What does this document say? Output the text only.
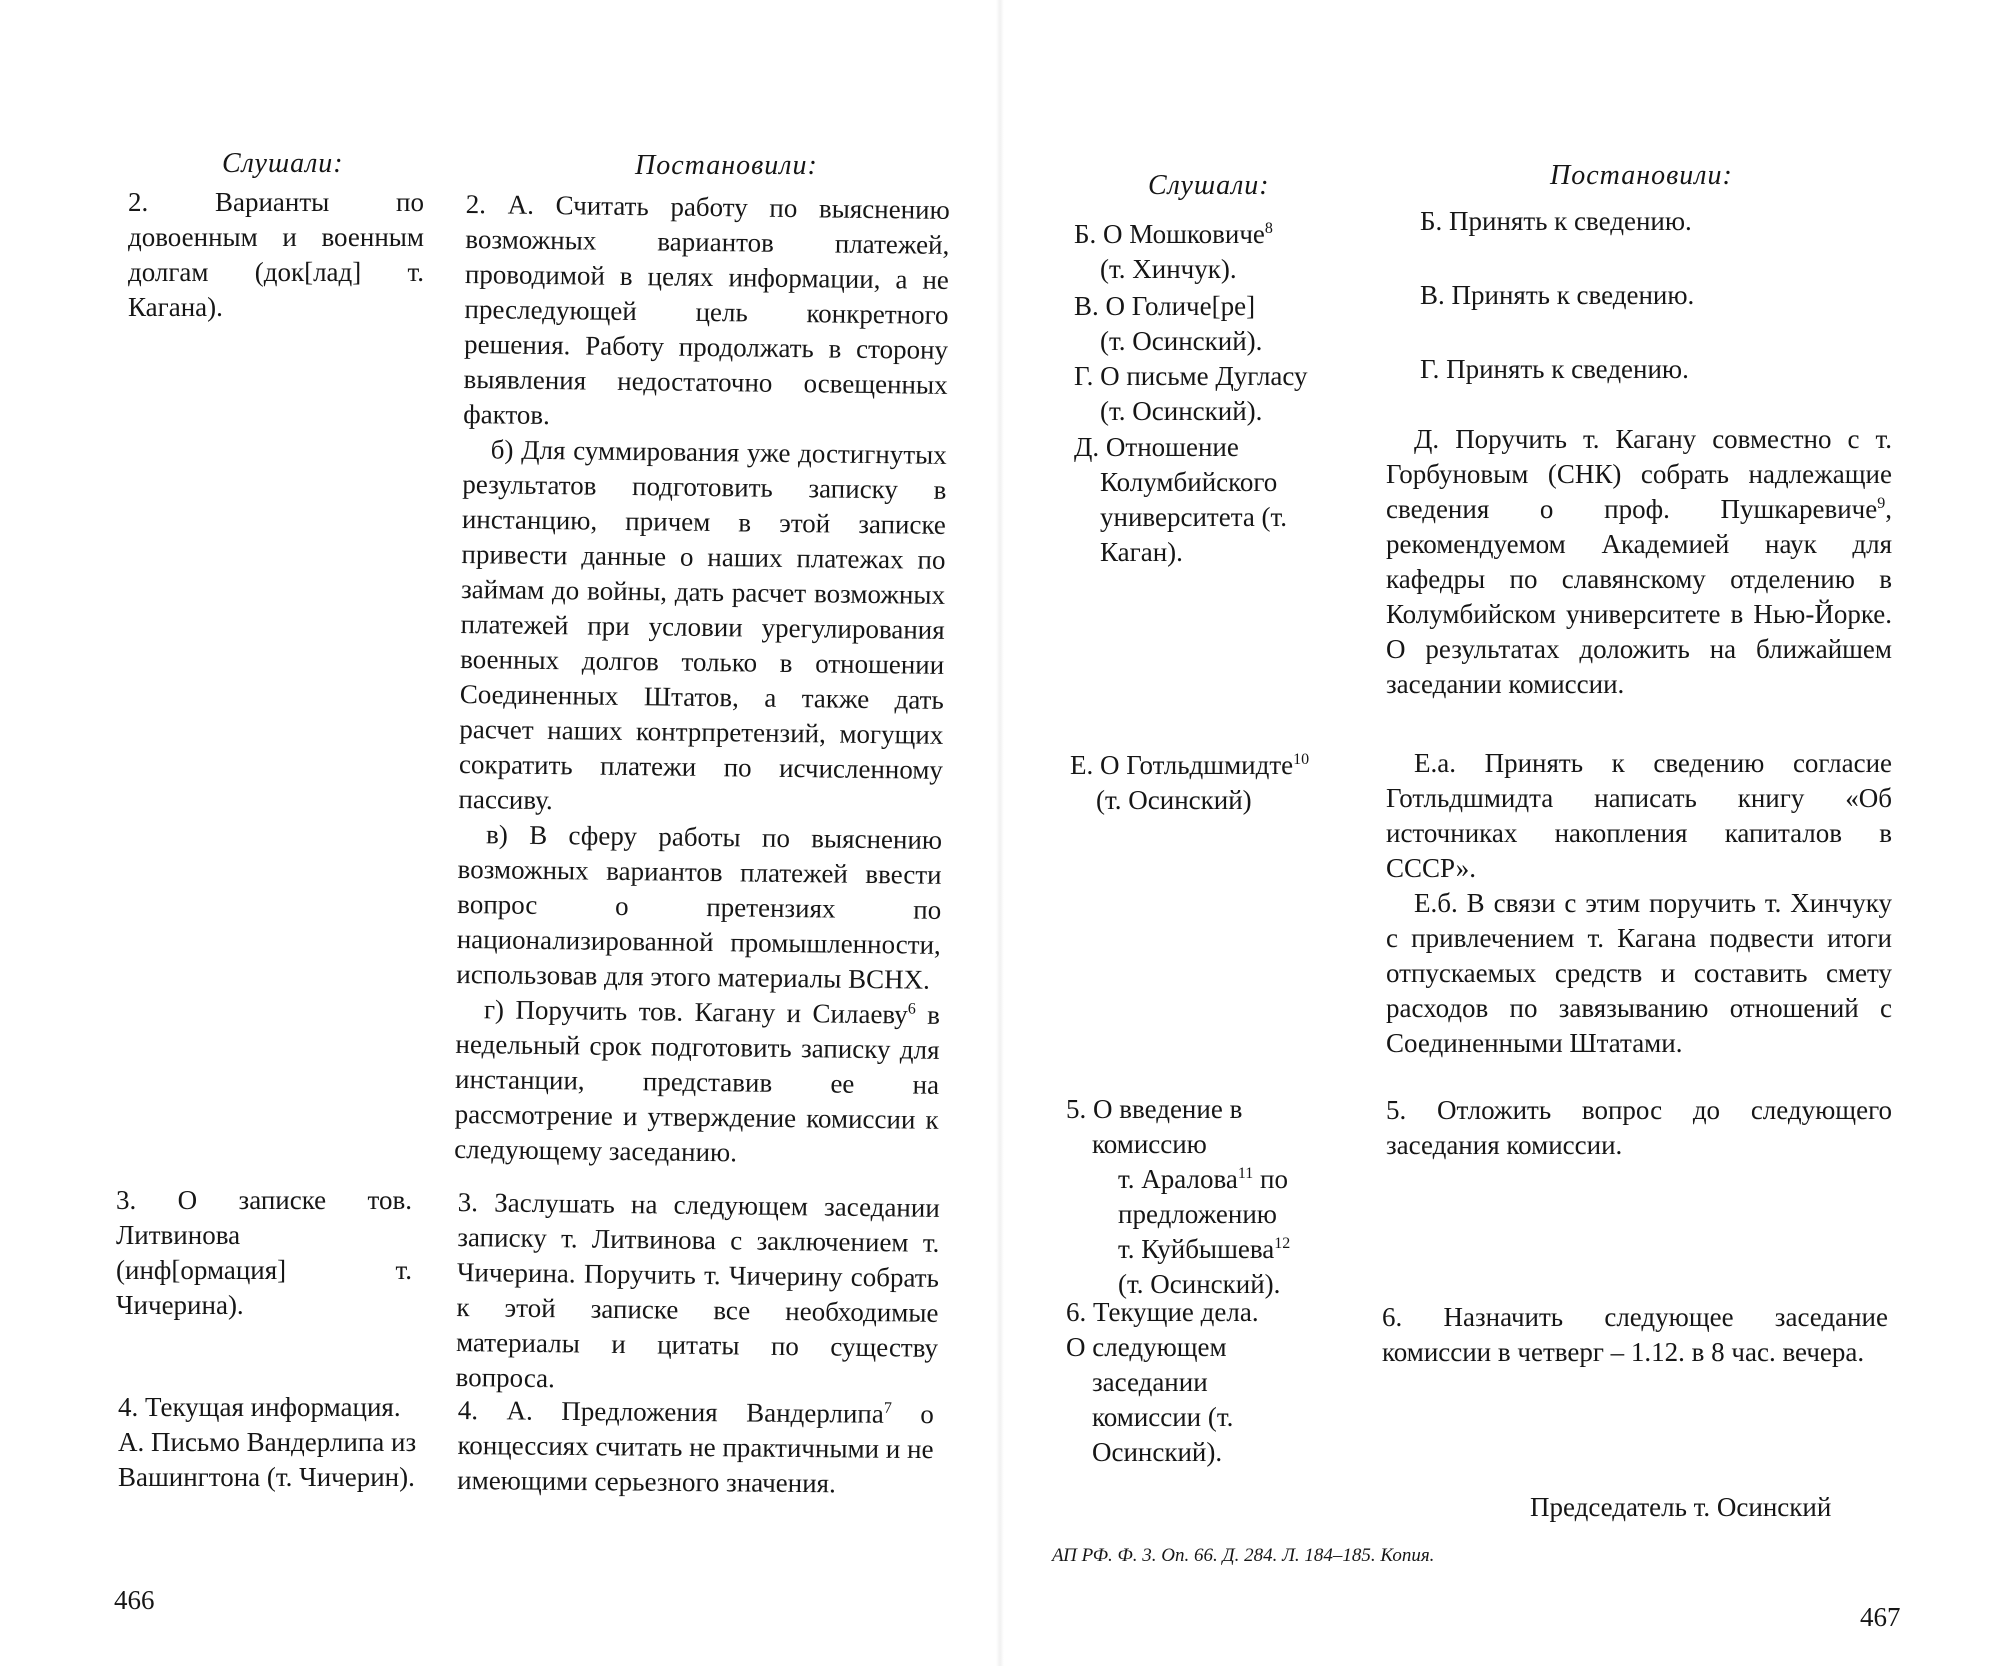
Слушали:	Постановили:

2. Варианты по довоенным и военным долгам (док[лад] т. Кагана).

2. А. Считать работу по выяснению возможных вариантов платежей, проводимой в целях информации, а не преследующей цель конкретного решения. Работу продолжать в сторону выявления недостаточно освещенных фактов.

б) Для суммирования уже достигнутых результатов подготовить записку в инстанцию, причем в этой записке привести данные о наших платежах по займам до войны, дать расчет возможных платежей при условии урегулирования военных долгов только в отношении Соединенных Штатов, а также дать расчет наших контрпретензий, могущих сократить платежи по исчисленному пассиву.

в) В сферу работы по выяснению возможных вариантов платежей ввести вопрос о претензиях по национализированной промышленности, использовав для этого материалы ВСНХ.

г) Поручить тов. Кагану и Силаеву$^6$ в недельный срок подготовить записку для инстанции, представив ее на рассмотрение и утверждение комиссии к следующему заседанию.

3. О записке тов. Литвинова (инф[ормация] т. Чичерина).

3. Заслушать на следующем заседании записку т. Литвинова с заключением т. Чичерина. Поручить т. Чичерину собрать к этой записке все необходимые материалы и цитаты по существу вопроса.

4. Текущая информация.

А. Письмо Вандерлипа из Вашингтона (т. Чичерин).

4. А. Предложения Вандерлипа$^7$ о концессиях считать не практичными и не имеющими серьезного значения.

466
Слушали:	Постановили:

Б. О Мошковиче$^8$

(т. Хинчук).

Б. Принять к сведению.

В. О Голиче[ре]

(т. Осинский).

В. Принять к сведению.

Г. О письме Дугласу

(т. Осинский).

Г. Принять к сведению.

Д. Отношение Колумбийского университета (т. Каган).

Д. Поручить т. Кагану совместно с т. Горбуновым (СНК) собрать надлежащие сведения о проф. Пушкаревиче$^9$, рекомендуемом Академией наук для кафедры по славянскому отделению в Колумбийском университете в Нью-Йорке. О результатах доложить на ближайшем заседании комиссии.

Е. О Готльдшмидте$^{10}$

(т. Осинский)

Е.а. Принять к сведению согласие Готльдшмидта написать книгу «Об источниках накопления капиталов в СССР».

Е.б. В связи с этим поручить т. Хинчуку с привлечением т. Кагана подвести итоги отпускаемых средств и составить смету расходов по завязыванию отношений с Соединенными Штатами.

5. О введение в комиссию

т. Аралова$^{11}$ по предложению

т. Куйбышева$^{12}$

(т. Осинский).

5. Отложить вопрос до следующего заседания комиссии.

6. Текущие дела.

О следующем заседании комиссии (т. Осинский).

6. Назначить следующее заседание комиссии в четверг – 1.12. в 8 час. вечера.

Председатель т. Осинский

АП РФ. Ф. 3. Оп. 66. Д. 284. Л. 184–185. Копия.
467
